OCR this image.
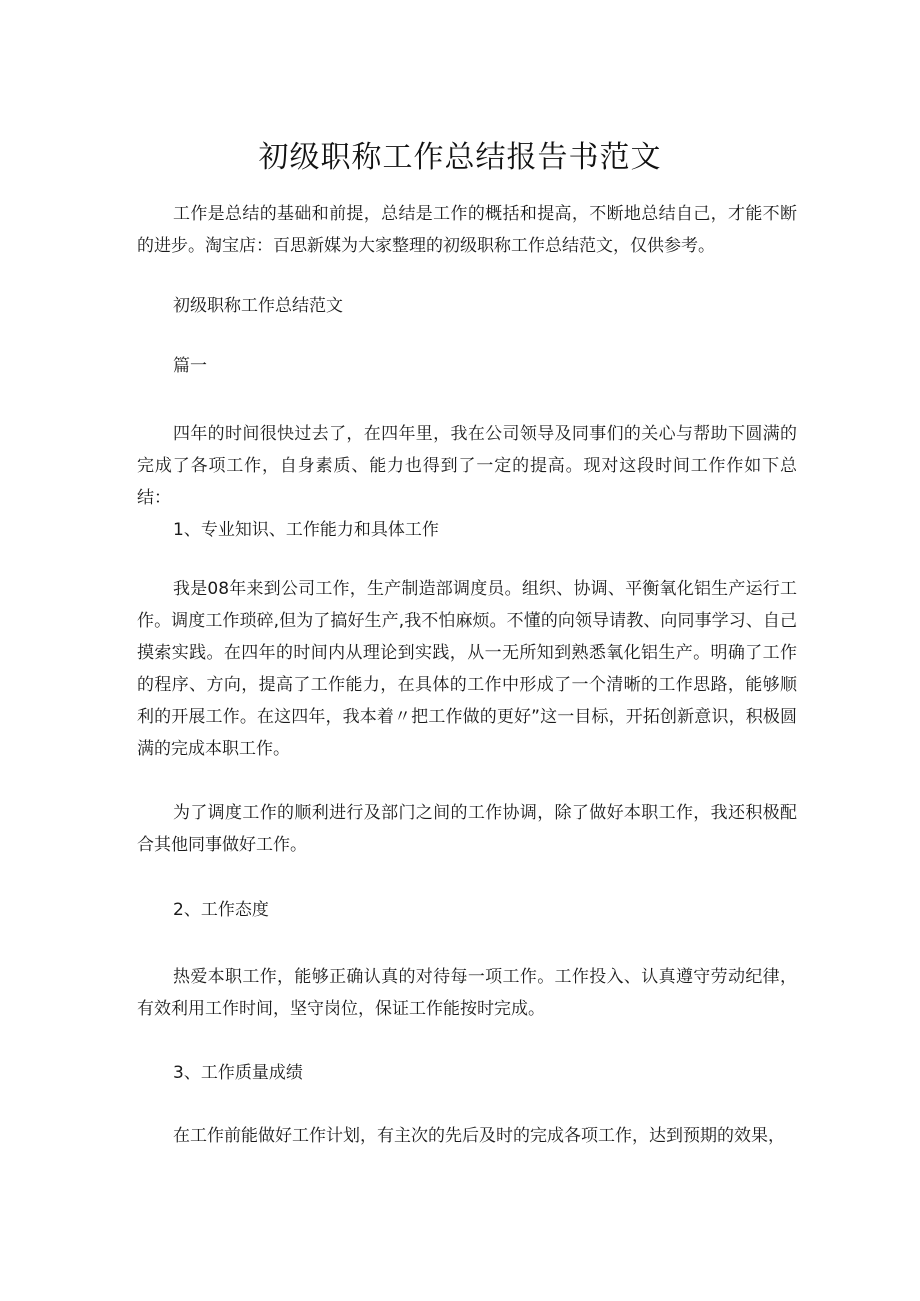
初级职称工作总结报告书范文

工作是总结的基础和前提，总结是工作的概括和提高，不断地总结自己，才能不断的进步。淘宝店：百思新媒为大家整理的初级职称工作总结范文，仅供参考。

初级职称工作总结范文

篇一

四年的时间很快过去了，在四年里，我在公司领导及同事们的关心与帮助下圆满的完成了各项工作，自身素质、能力也得到了一定的提高。现对这段时间工作作如下总结：

1、专业知识、工作能力和具体工作

我是08年来到公司工作，生产制造部调度员。组织、协调、平衡氧化铝生产运行工作。调度工作琐碎,但为了搞好生产,我不怕麻烦。不懂的向领导请教、向同事学习、自己摸索实践。在四年的时间内从理论到实践，从一无所知到熟悉氧化铝生产。明确了工作的程序、方向，提高了工作能力，在具体的工作中形成了一个清晰的工作思路，能够顺利的开展工作。在这四年，我本着〃把工作做的更好”这一目标，开拓创新意识，积极圆满的完成本职工作。

为了调度工作的顺利进行及部门之间的工作协调，除了做好本职工作，我还积极配合其他同事做好工作。

2、工作态度

热爱本职工作，能够正确认真的对待每一项工作。工作投入、认真遵守劳动纪律，有效利用工作时间，坚守岗位，保证工作能按时完成。

3、工作质量成绩

在工作前能做好工作计划，有主次的先后及时的完成各项工作，达到预期的效果，
